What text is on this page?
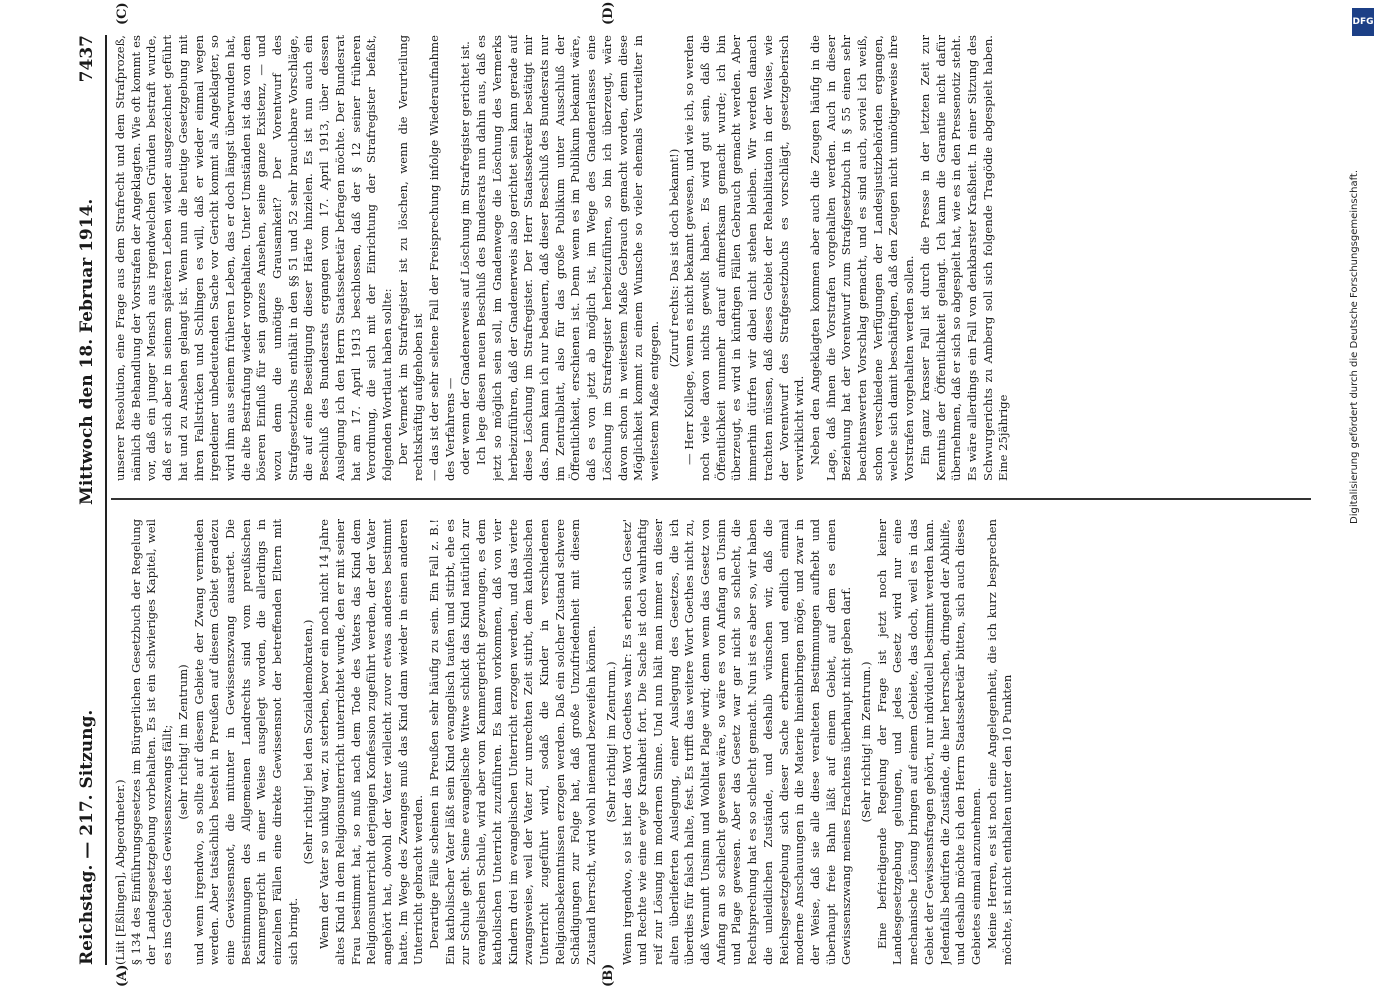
Reichstag. — 217. Sitzung.
Mittwoch den 18. Februar 1914.
7437
(A)	(B)
(C)	(D)

(Liit [Eßlingen], Abgeordneter.) § 134 des Einführungsgesetzes im Bürgerlichen Gesetzbuch der Regelung der Landesgesetzgebung vorbehalten. Es ist ein schwieriges Kapitel, weil es ins Gebiet des Gewissenszwangs fällt; (sehr richtig! im Zentrum) und wenn irgendwo, so sollte auf diesem Gebiete der Zwang vermieden werden. Aber tatsächlich besteht in Preußen auf diesem Gebiet geradezu eine Gewissensnot, die mitunter in Gewissenszwang ausartet. Die Bestimmungen des Allgemeinen Landrechts sind vom preußischen Kammergericht in einer Weise ausgelegt worden, die allerdings in einzelnen Fällen eine direkte Gewissensnot der betreffenden Eltern mit sich bringt.

(Sehr richtig! bei den Sozialdemokraten.) Wenn der Vater so unklug war, zu sterben, bevor ein noch nicht 14 Jahre altes Kind in dem Religionsunterricht unterrichtet wurde, den er mit seiner Frau bestimmt hat, so muß nach dem Tode des Vaters das Kind dem Religionsunterricht derjenigen Konfession zugeführt werden, der der Vater angehört hat, obwohl der Vater vielleicht zuvor etwas anderes bestimmt hatte. Im Wege des Zwanges muß das Kind dann wieder in einen anderen Unterricht gebracht werden. Derartige Fälle scheinen in Preußen sehr häufig zu sein. Ein Fall z. B.! Ein katholischer Vater läßt sein Kind evangelisch taufen und stirbt, ehe es zur Schule geht. Seine evangelische Witwe schickt das Kind natürlich zur evangelischen Schule, wird aber vom Kammergericht gezwungen, es dem katholischen Unterricht zuzuführen. Es kann vorkommen, daß von vier Kindern drei im evangelischen Unterricht erzogen werden, und das vierte zwangsweise, weil der Vater zur unrechten Zeit stirbt, dem katholischen Unterricht zugeführt wird, sodaß die Kinder in verschiedenen Religionsbekenntnissen erzogen werden. Daß ein solcher Zustand schwere Schädigungen zur Folge hat, daß große Unzufriedenheit mit diesem Zustand herrscht, wird wohl niemand bezweifeln können. (Sehr richtig! im Zentrum.) Wenn irgendwo, so ist hier das Wort Goethes wahr: Es erben sich Gesetz' und Rechte wie eine ew'ge Krankheit fort. Die Sache ist doch wahrhaftig reif zur Lösung im modernen Sinne. Und nun hält man immer an dieser alten überlieferten Auslegung, einer Auslegung des Gesetzes, die ich überdies für falsch halte, fest. Es trifft das weitere Wort Goethes nicht zu, daß Vernunft Unsinn und Wohltat Plage wird; denn wenn das Gesetz von Anfang an so schlecht gewesen wäre, so wäre es von Anfang an Unsinn und Plage gewesen. Aber das Gesetz war gar nicht so schlecht, die Rechtsprechung hat es so schlecht gemacht. Nun ist es aber so, wir haben die unleidlichen Zustände, und deshalb wünschen wir, daß die Reichsgesetzgebung sich dieser Sache erbarmen und endlich einmal moderne Anschauungen in die Materie hineinbringen möge, und zwar in der Weise, daß sie alle diese veralteten Bestimmungen aufhebt und überhaupt freie Bahn läßt auf einem Gebiet, auf dem es einen Gewissenszwang meines Erachtens überhaupt nicht geben darf. (Sehr richtig! im Zentrum.) Eine befriedigende Regelung der Frage ist jetzt noch keiner Landesgesetzgebung gelungen, und jedes Gesetz wird nur eine mechanische Lösung bringen auf einem Gebiete, das doch, weil es in das Gebiet der Gewissensfragen gehört, nur individuell bestimmt werden kann. Jedenfalls bedürfen die Zustände, die hier herrschen, dringend der Abhilfe, und deshalb möchte ich den Herrn Staatssekretär bitten, sich auch dieses Gebietes einmal anzunehmen. Meine Herren, es ist noch eine Angelegenheit, die ich kurz besprechen möchte, ist nicht enthalten unter den 10 Punkten

unserer Resolution, eine Frage aus dem Strafrecht und dem Strafprozeß, nämlich die Behandlung der Vorstrafen der Angeklagten. Wie oft kommt es vor, daß ein junger Mensch aus irgendwelchen Gründen bestraft wurde, daß er sich aber in seinem späteren Leben wieder ausgezeichnet geführt hat und zu Ansehen gelangt ist. Wenn nun die heutige Gesetzgebung mit ihren Fallstricken und Schlingen es will, daß er wieder einmal wegen irgendeiner unbedeutenden Sache vor Gericht kommt als Angeklagter, so wird ihm aus seinem früheren Leben, das er doch längst überwunden hat, die alte Bestrafung wieder vorgehalten. Unter Umständen ist das von dem böseren Einfluß für sein ganzes Ansehen, seine ganze Existenz, — und wozu denn die unnötige Grausamkeit? Der Vorentwurf des Strafgesetzbuchs enthält in den §§ 51 und 52 sehr brauchbare Vorschläge, die auf eine Beseitigung dieser Härte hinzielen. Es ist nun auch ein Beschluß des Bundesrats ergangen vom 17. April 1913, über dessen Auslegung ich den Herrn Staatssekretär befragen möchte. Der Bundesrat hat am 17. April 1913 beschlossen, daß der § 12 seiner früheren Verordnung, die sich mit der Einrichtung der Strafregister befaßt, folgenden Wortlaut haben sollte: Der Vermerk im Strafregister ist zu löschen, wenn die Verurteilung rechtskräftig aufgehoben ist — das ist der sehr seltene Fall der Freisprechung infolge Wiederaufnahme des Verfahrens — oder wenn der Gnadenerweis auf Löschung im Strafregister gerichtet ist. Ich lege diesen neuen Beschluß des Bundesrats nun dahin aus, daß es jetzt so möglich sein soll, im Gnadenwege die Löschung des Vermerks herbeizuführen, daß der Gnadenerweis also gerichtet sein kann gerade auf diese Löschung im Strafregister. Der Herr Staatssekretär bestätigt mir das. Dann kann ich nur bedauern, daß dieser Beschluß des Bundesrats nur im Zentralblatt, also für das große Publikum unter Ausschluß der Öffentlichkeit, erschienen ist. Denn wenn es im Publikum bekannt wäre, daß es von jetzt ab möglich ist, im Wege des Gnadenerlasses eine Löschung im Strafregister herbeizuführen, so bin ich überzeugt, wäre davon schon in weitestem Maße Gebrauch gemacht worden, denn diese Möglichkeit kommt zu einem Wunsche so vieler ehemals Verurteilter in weitestem Maße entgegen.

(Zuruf rechts: Das ist doch bekannt!) — Herr Kollege, wenn es nicht bekannt gewesen, und wie ich, so werden noch viele davon nichts gewußt haben. Es wird gut sein, daß die Öffentlichkeit nunmehr darauf aufmerksam gemacht wurde; ich bin überzeugt, es wird in künftigen Fällen Gebrauch gemacht werden. Aber immerhin dürfen wir dabei nicht stehen bleiben. Wir werden danach trachten müssen, daß dieses Gebiet der Rehabilitation in der Weise, wie der Vorentwurf des Strafgesetzbuchs es vorschlägt, gesetzgeberisch verwirklicht wird. Neben den Angeklagten kommen aber auch die Zeugen häufig in die Lage, daß ihnen die Vorstrafen vorgehalten werden. Auch in dieser Beziehung hat der Vorentwurf zum Strafgesetzbuch in § 55 einen sehr beachtenswerten Vorschlag gemacht, und es sind auch, soviel ich weiß, schon verschiedene Verfügungen der Landesjustizbehörden ergangen, welche sich damit beschäftigen, daß den Zeugen nicht unnötigerweise ihre Vorstrafen vorgehalten werden sollen. Ein ganz krasser Fall ist durch die Presse in der letzten Zeit zur Kenntnis der Öffentlichkeit gelangt. Ich kann die Garantie nicht dafür übernehmen, daß er sich so abgespielt hat, wie es in den Pressenotiz steht. Es wäre allerdings ein Fall von denkbarster Kraßheit. In einer Sitzung des Schwurgerichts zu Amberg soll sich folgende Tragödie abgespielt haben. Eine 25jährige

DFG
Digitalisierung gefördert durch die Deutsche Forschungsgemeinschaft.
